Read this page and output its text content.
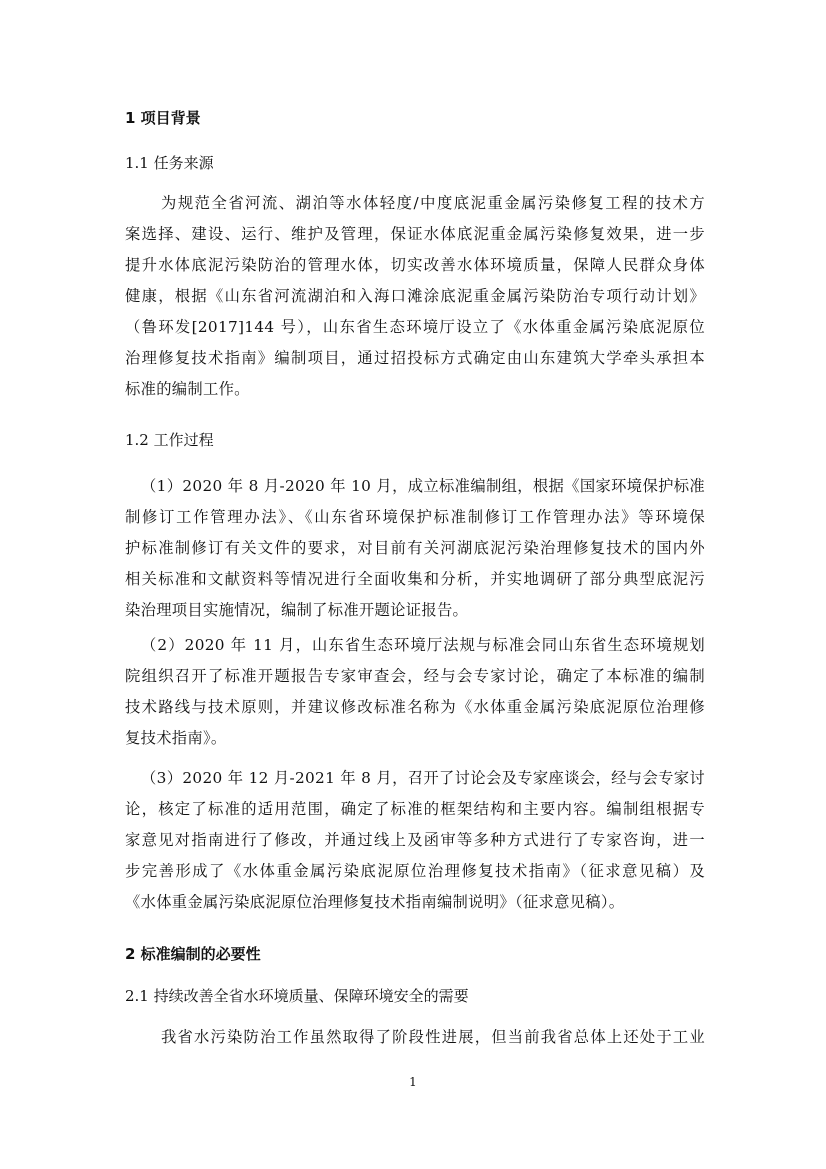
1 项目背景
1.1 任务来源
为规范全省河流、湖泊等水体轻度/中度底泥重金属污染修复工程的技术方
案选择、建设、运行、维护及管理，保证水体底泥重金属污染修复效果，进一步
提升水体底泥污染防治的管理水体，切实改善水体环境质量，保障人民群众身体
健康，根据《山东省河流湖泊和入海口滩涂底泥重金属污染防治专项行动计划》
（鲁环发[2017]144 号），山东省生态环境厅设立了《水体重金属污染底泥原位
治理修复技术指南》编制项目，通过招投标方式确定由山东建筑大学牵头承担本
标准的编制工作。
1.2 工作过程
（1）2020 年 8 月-2020 年 10 月，成立标准编制组，根据《国家环境保护标准
制修订工作管理办法》、《山东省环境保护标准制修订工作管理办法》等环境保
护标准制修订有关文件的要求，对目前有关河湖底泥污染治理修复技术的国内外
相关标准和文献资料等情况进行全面收集和分析，并实地调研了部分典型底泥污
染治理项目实施情况，编制了标准开题论证报告。
（2）2020 年 11 月，山东省生态环境厅法规与标准会同山东省生态环境规划
院组织召开了标准开题报告专家审查会，经与会专家讨论，确定了本标准的编制
技术路线与技术原则，并建议修改标准名称为《水体重金属污染底泥原位治理修
复技术指南》。
（3）2020 年 12 月-2021 年 8 月，召开了讨论会及专家座谈会，经与会专家讨
论，核定了标准的适用范围，确定了标准的框架结构和主要内容。编制组根据专
家意见对指南进行了修改，并通过线上及函审等多种方式进行了专家咨询，进一
步完善形成了《水体重金属污染底泥原位治理修复技术指南》（征求意见稿）及
《水体重金属污染底泥原位治理修复技术指南编制说明》（征求意见稿）。
2 标准编制的必要性
2.1 持续改善全省水环境质量、保障环境安全的需要
我省水污染防治工作虽然取得了阶段性进展，但当前我省总体上还处于工业
1
